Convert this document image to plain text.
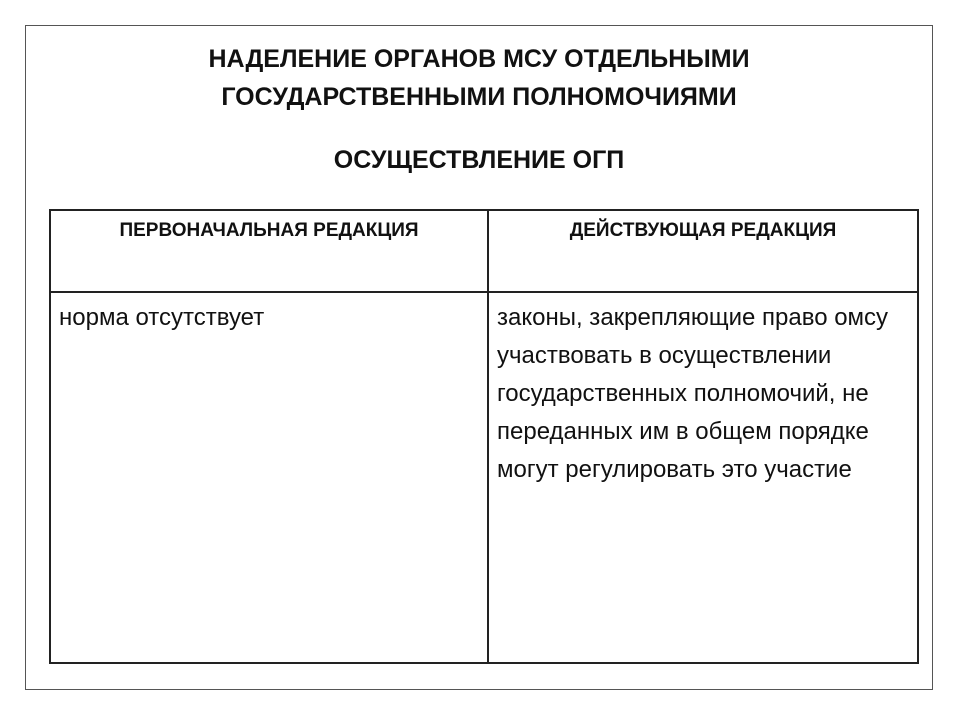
НАДЕЛЕНИЕ ОРГАНОВ МСУ ОТДЕЛЬНЫМИ
ГОСУДАРСТВЕННЫМИ ПОЛНОМОЧИЯМИ
ОСУЩЕСТВЛЕНИЕ ОГП
ПЕРВОНАЧАЛЬНАЯ РЕДАКЦИЯ	ДЕЙСТВУЮЩАЯ РЕДАКЦИЯ
норма отсутствует	законы, закрепляющие право омсу участвовать в осуществлении государственных полномочий, не переданных им в общем порядке могут регулировать это участие
